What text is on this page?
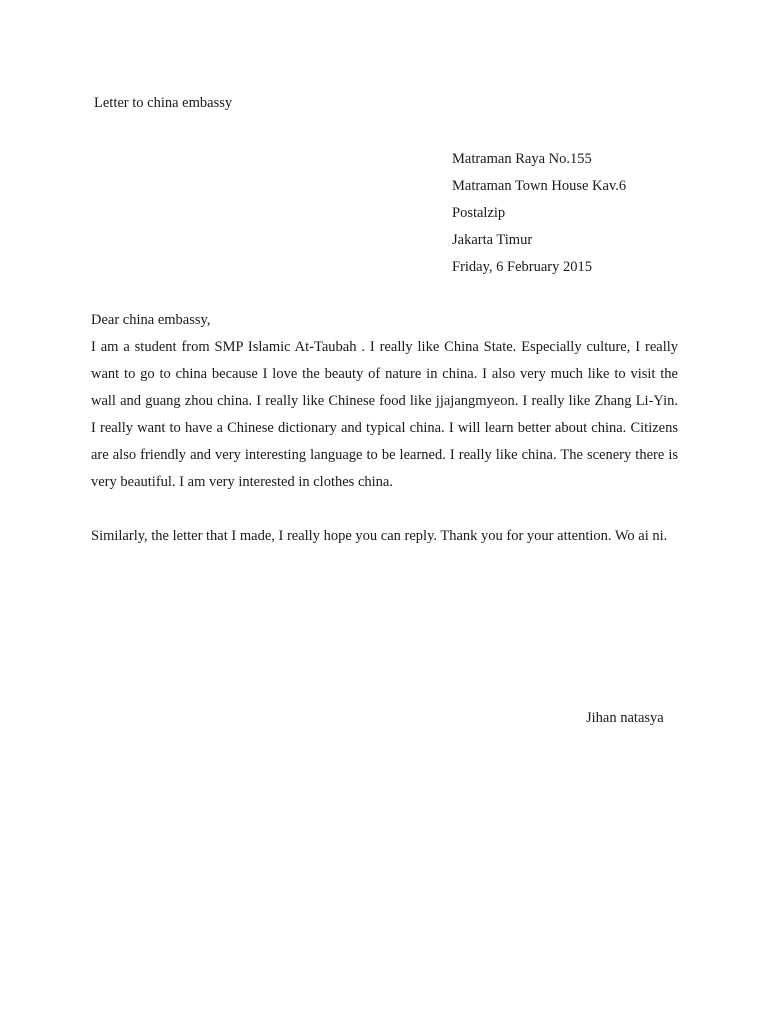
Letter to china embassy
Matraman Raya No.155
Matraman Town House Kav.6
Postalzip
Jakarta Timur
Friday, 6 February 2015
Dear china embassy,

I am a student from SMP Islamic At-Taubah . I really like China State. Especially culture, I really want to go to china because I love the beauty of nature in china. I also very much like to visit the wall and guang zhou china. I really like Chinese food like jjajangmyeon. I really like Zhang Li-Yin. I really want to have a Chinese dictionary and typical china. I will learn better about china. Citizens are also friendly and very interesting language to be learned. I really like china. The scenery there is very beautiful. I am very interested in clothes china.

Similarly, the letter that I made, I really hope you can reply. Thank you for your attention. Wo ai ni.

Jihan natasya
